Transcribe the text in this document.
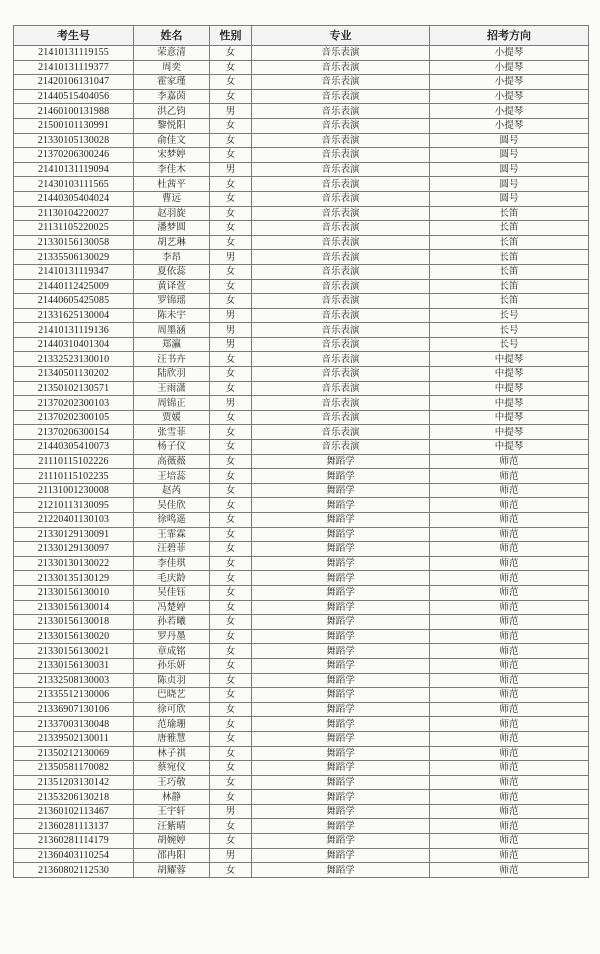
考生号	姓名	性别	专业	招考方向
21410131119155	荣意清	女	音乐表演	小提琴
21410131119377	周奕	女	音乐表演	小提琴
21420106131047	霍家瑾	女	音乐表演	小提琴
21440515404056	李嘉茵	女	音乐表演	小提琴
21460100131988	洪乙钧	男	音乐表演	小提琴
21500101130991	黎悦阳	女	音乐表演	小提琴
21330105130028	俞佳文	女	音乐表演	圆号
21370206300246	宋梦婷	女	音乐表演	圆号
21410131119094	李佳木	男	音乐表演	圆号
21430103111565	杜茜平	女	音乐表演	圆号
21440305404024	曹远	女	音乐表演	圆号
21130104220027	赵羽旋	女	音乐表演	长笛
21131105220025	潘梦圆	女	音乐表演	长笛
21330156130058	胡艺琳	女	音乐表演	长笛
21335506130029	李昂	男	音乐表演	长笛
21410131119347	夏依蕊	女	音乐表演	长笛
21440112425009	黄译萱	女	音乐表演	长笛
21440605425085	罗锦瑶	女	音乐表演	长笛
21331625130004	陈未宇	男	音乐表演	长号
21410131119136	周墨涵	男	音乐表演	长号
21440310401304	郑瀛	男	音乐表演	长号
21332523130010	汪书卉	女	音乐表演	中提琴
21340501130202	陆欣羽	女	音乐表演	中提琴
21350102130571	王雨潇	女	音乐表演	中提琴
21370202300103	周锦正	男	音乐表演	中提琴
21370202300105	贾媛	女	音乐表演	中提琴
21370206300154	张雪菲	女	音乐表演	中提琴
21440305410073	杨子仪	女	音乐表演	中提琴
21110115102226	高薇薇	女	舞蹈学	师范
21110115102235	王培蕊	女	舞蹈学	师范
21131001230008	赵芮	女	舞蹈学	师范
21210113130095	吴佳欣	女	舞蹈学	师范
21220401130103	徐鸣遥	女	舞蹈学	师范
21330129130091	王霏霖	女	舞蹈学	师范
21330129130097	汪碧菲	女	舞蹈学	师范
21330130130022	李佳琪	女	舞蹈学	师范
21330135130129	毛庆龄	女	舞蹈学	师范
21330156130010	吴佳钰	女	舞蹈学	师范
21330156130014	冯楚婷	女	舞蹈学	师范
21330156130018	孙若曦	女	舞蹈学	师范
21330156130020	罗丹墨	女	舞蹈学	师范
21330156130021	章成铭	女	舞蹈学	师范
21330156130031	孙乐妍	女	舞蹈学	师范
21332508130003	陈贞羽	女	舞蹈学	师范
21335512130006	巴晓艺	女	舞蹈学	师范
21336907130106	徐可欣	女	舞蹈学	师范
21337003130048	范瑜珊	女	舞蹈学	师范
21339502130011	唐雅慧	女	舞蹈学	师范
21350212130069	林子祺	女	舞蹈学	师范
21350581170082	蔡宛仪	女	舞蹈学	师范
21351203130142	王巧敬	女	舞蹈学	师范
21353206130218	林静	女	舞蹈学	师范
21360102113467	王宇轩	男	舞蹈学	师范
21360281113137	汪紫晴	女	舞蹈学	师范
21360281114179	胡婉婷	女	舞蹈学	师范
21360403110254	邵冉阳	男	舞蹈学	师范
21360802112530	胡耀蓉	女	舞蹈学	师范
